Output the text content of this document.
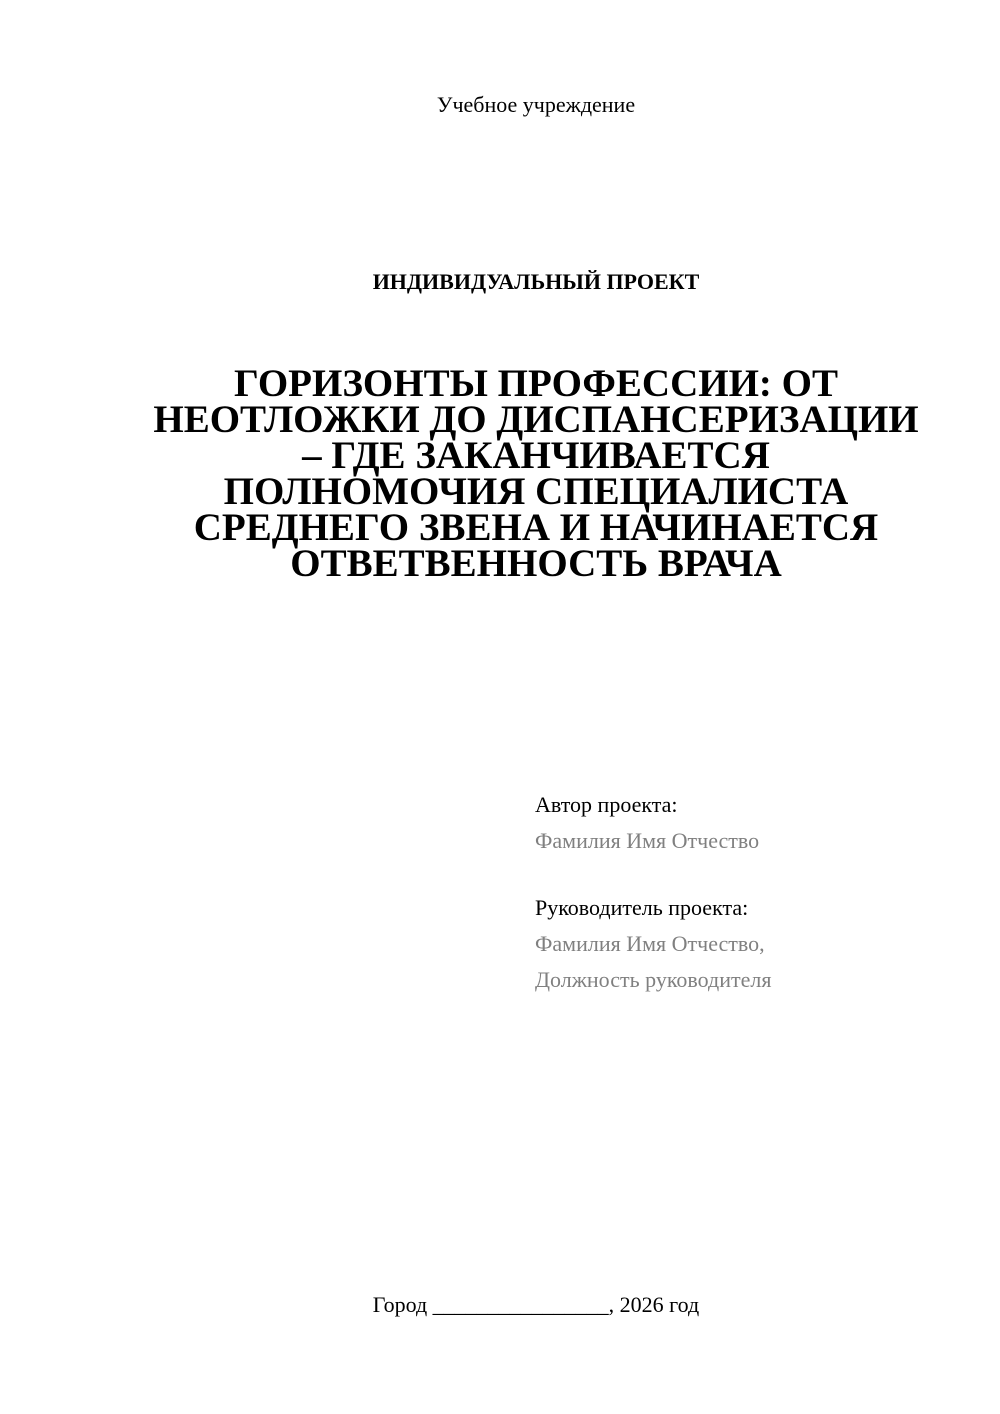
Учебное учреждение
ИНДИВИДУАЛЬНЫЙ ПРОЕКТ
ГОРИЗОНТЫ ПРОФЕССИИ: ОТ
НЕОТЛОЖКИ ДО ДИСПАНСЕРИЗАЦИИ
– ГДЕ ЗАКАНЧИВАЕТСЯ
ПОЛНОМОЧИЯ СПЕЦИАЛИСТА
СРЕДНЕГО ЗВЕНА И НАЧИНАЕТСЯ
ОТВЕТВЕННОСТЬ ВРАЧА
Автор проекта:
Фамилия Имя Отчество
Руководитель проекта:
Фамилия Имя Отчество,
Должность руководителя
Город ________________, 2026 год
